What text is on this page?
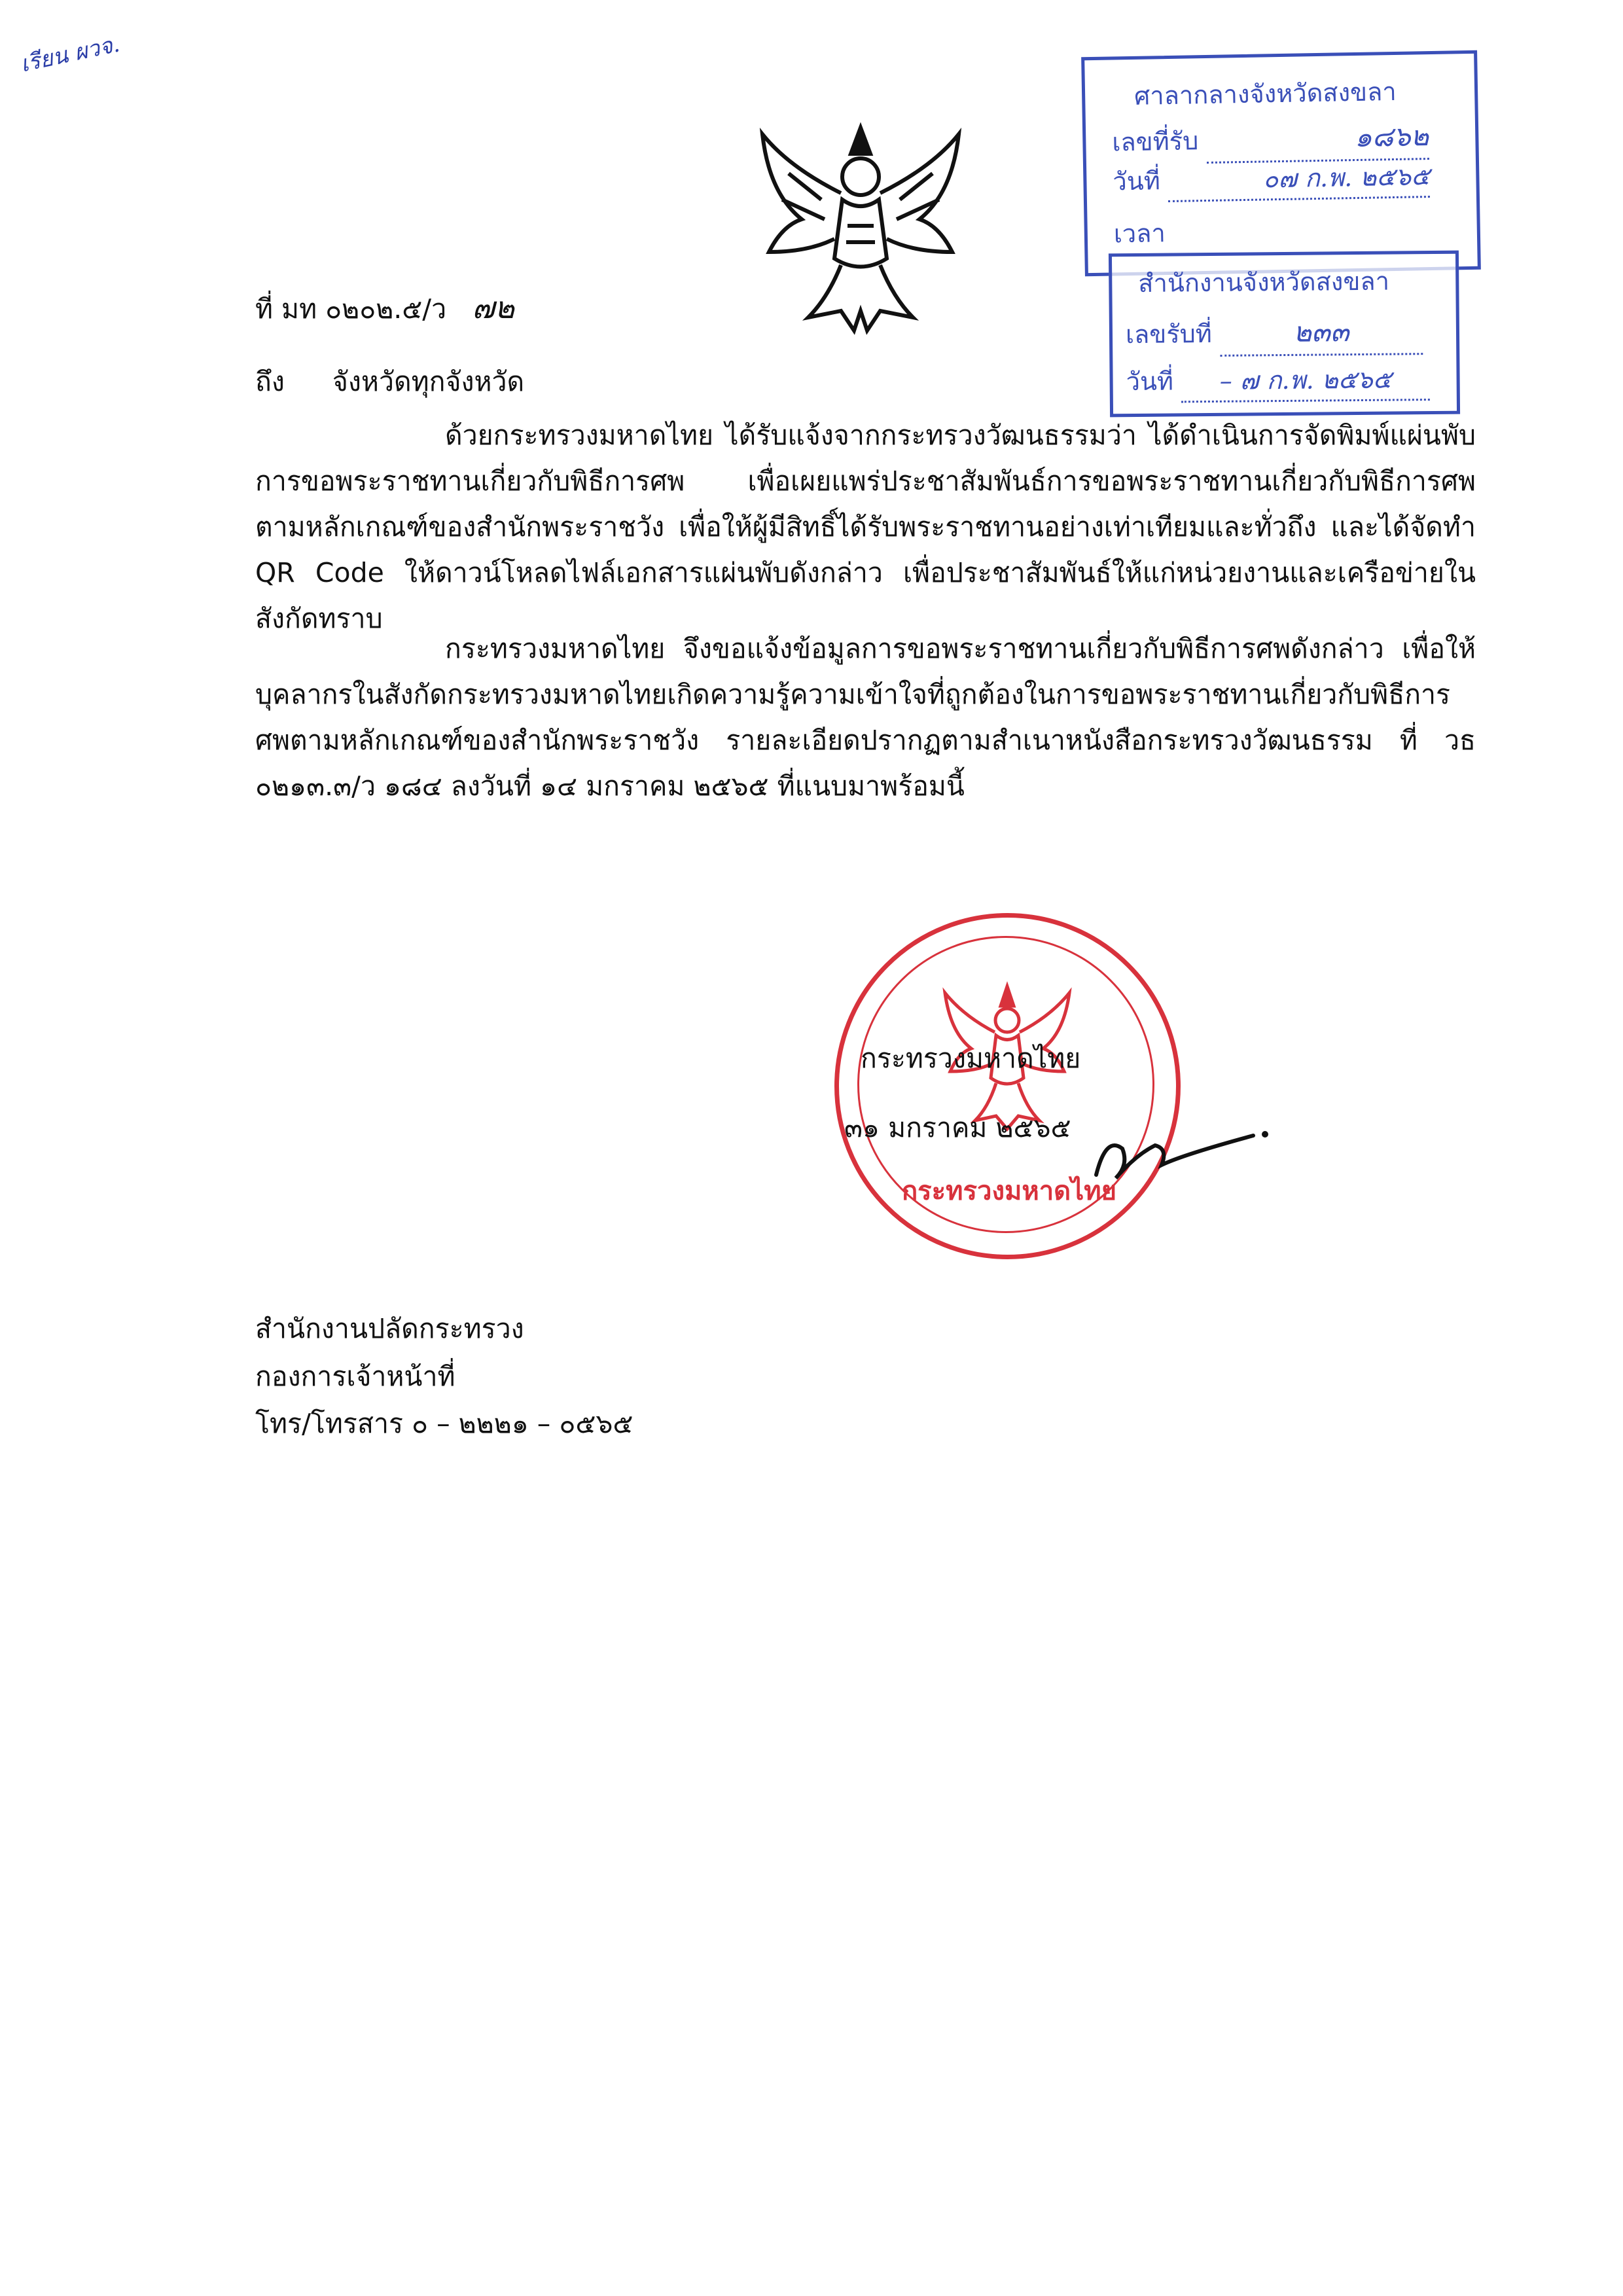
เรียน ผวจ.
ที่ มท ๐๒๐๒.๕/ว ๗๒
ถึง จังหวัดทุกจังหวัด
ด้วยกระทรวงมหาดไทย ได้รับแจ้งจากกระทรวงวัฒนธรรมว่า ได้ดำเนินการจัดพิมพ์แผ่นพับการขอพระราชทานเกี่ยวกับพิธีการศพ เพื่อเผยแพร่ประชาสัมพันธ์การขอพระราชทานเกี่ยวกับพิธีการศพ ตามหลักเกณฑ์ของสำนักพระราชวัง เพื่อให้ผู้มีสิทธิ์ได้รับพระราชทานอย่างเท่าเทียมและทั่วถึง และได้จัดทำ QR Code ให้ดาวน์โหลดไฟล์เอกสารแผ่นพับดังกล่าว เพื่อประชาสัมพันธ์ให้แก่หน่วยงานและเครือข่ายในสังกัดทราบ
กระทรวงมหาดไทย จึงขอแจ้งข้อมูลการขอพระราชทานเกี่ยวกับพิธีการศพดังกล่าว เพื่อให้บุคลากรในสังกัดกระทรวงมหาดไทยเกิดความรู้ความเข้าใจที่ถูกต้องในการขอพระราชทานเกี่ยวกับพิธีการศพตามหลักเกณฑ์ของสำนักพระราชวัง รายละเอียดปรากฏตามสำเนาหนังสือกระทรวงวัฒนธรรม ที่ วธ ๐๒๑๓.๓/ว ๑๘๔ ลงวันที่ ๑๔ มกราคม ๒๕๖๕ ที่แนบมาพร้อมนี้
กระทรวงมหาดไทย
กระทรวงมหาดไทย
๓๑ มกราคม ๒๕๖๕
สำนักงานปลัดกระทรวง
กองการเจ้าหน้าที่
โทร/โทรสาร ๐ – ๒๒๒๑ – ๐๕๖๕
ศาลากลางจังหวัดสงขลา
เลขที่รับ	๑๘๖๒
วันที่	๐๗ ก.พ. ๒๕๖๕
เวลา
สำนักงานจังหวัดสงขลา
เลขรับที่	๒๓๓
วันที่ – ๗ ก.พ. ๒๕๖๕
